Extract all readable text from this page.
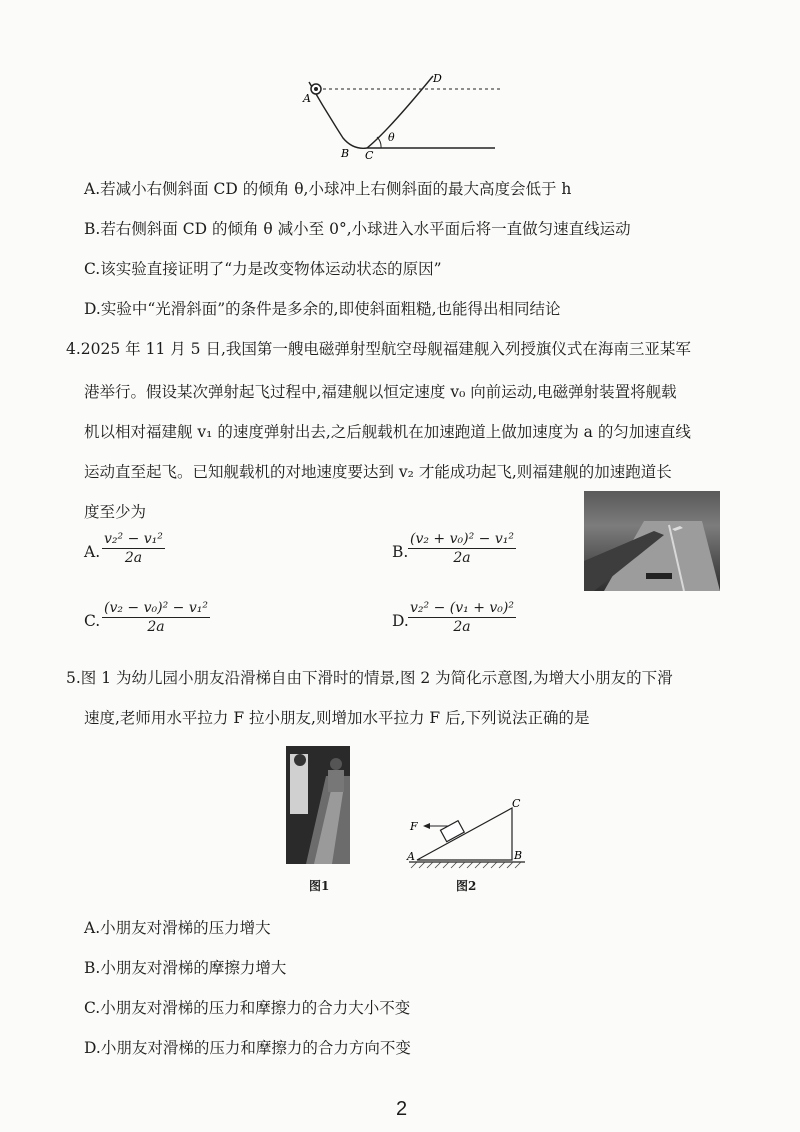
A
B C
D
θ
A.若减小右侧斜面 CD 的倾角 θ,小球冲上右侧斜面的最大高度会低于 h
B.若右侧斜面 CD 的倾角 θ 减小至 0°,小球进入水平面后将一直做匀速直线运动
C.该实验直接证明了“力是改变物体运动状态的原因”
D.实验中“光滑斜面”的条件是多余的,即使斜面粗糙,也能得出相同结论
4.2025 年 11 月 5 日,我国第一艘电磁弹射型航空母舰福建舰入列授旗仪式在海南三亚某军
港举行。假设某次弹射起飞过程中,福建舰以恒定速度 v₀ 向前运动,电磁弹射装置将舰载
机以相对福建舰 v₁ 的速度弹射出去,之后舰载机在加速跑道上做加速度为 a 的匀加速直线
运动直至起飞。已知舰载机的对地速度要达到 v₂ 才能成功起飞,则福建舰的加速跑道长
度至少为
A. $\frac{\text{v₂² − v₁²}}{2a}$	B. $\frac{\text{(v₂ + v₀)² − v₁²}}{2a}$
C. $\frac{\text{(v₂ − v₀)² − v₁²}}{2a}$	D. $\frac{\text{v₂² − (v₁ + v₀)²}}{2a}$
5.图 1 为幼儿园小朋友沿滑梯自由下滑时的情景,图 2 为简化示意图,为增大小朋友的下滑
速度,老师用水平拉力 F 拉小朋友,则增加水平拉力 F 后,下列说法正确的是
图1
F
A	B
C
图2
A.小朋友对滑梯的压力增大
B.小朋友对滑梯的摩擦力增大
C.小朋友对滑梯的压力和摩擦力的合力大小不变
D.小朋友对滑梯的压力和摩擦力的合力方向不变
2
